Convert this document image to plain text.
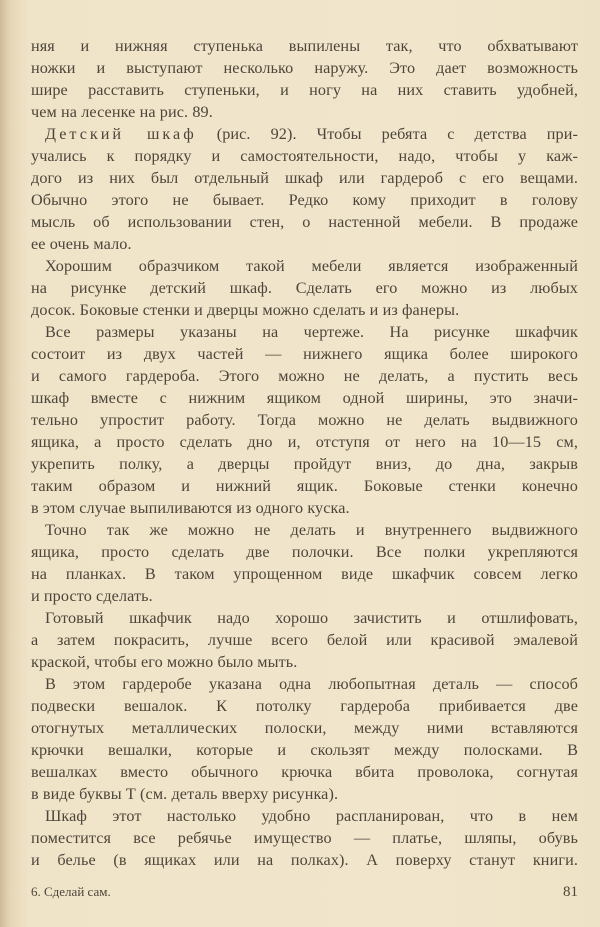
няя и нижняя ступенька выпилены так, что обхватывают
ножки и выступают несколько наружу. Это дает возможность
шире расставить ступеньки, и ногу на них ставить удобней,
чем на лесенке на рис. 89.
Детский шкаф (рис. 92). Чтобы ребята с детства при-
учались к порядку и самостоятельности, надо, чтобы у каж-
дого из них был отдельный шкаф или гардероб с его вещами.
Обычно этого не бывает. Редко кому приходит в голову
мысль об использовании стен, о настенной мебели. В продаже
ее очень мало.
Хорошим образчиком такой мебели является изображенный
на рисунке детский шкаф. Сделать его можно из любых
досок. Боковые стенки и дверцы можно сделать и из фанеры.
Все размеры указаны на чертеже. На рисунке шкафчик
состоит из двух частей — нижнего ящика более широкого
и самого гардероба. Этого можно не делать, а пустить весь
шкаф вместе с нижним ящиком одной ширины, это значи-
тельно упростит работу. Тогда можно не делать выдвижного
ящика, а просто сделать дно и, отступя от него на 10—15 см,
укрепить полку, а дверцы пройдут вниз, до дна, закрыв
таким образом и нижний ящик. Боковые стенки конечно
в этом случае выпиливаются из одного куска.
Точно так же можно не делать и внутреннего выдвижного
ящика, просто сделать две полочки. Все полки укрепляются
на планках. В таком упрощенном виде шкафчик совсем легко
и просто сделать.
Готовый шкафчик надо хорошо зачистить и отшлифовать,
а затем покрасить, лучше всего белой или красивой эмалевой
краской, чтобы его можно было мыть.
В этом гардеробе указана одна любопытная деталь — способ
подвески вешалок. К потолку гардероба прибивается две
отогнутых металлических полоски, между ними вставляются
крючки вешалки, которые и скользят между полосками. В
вешалках вместо обычного крючка вбита проволока, согнутая
в виде буквы Т (см. деталь вверху рисунка).
Шкаф этот настолько удобно распланирован, что в нем
поместится все ребячье имущество — платье, шляпы, обувь
и белье (в ящиках или на полках). А поверху станут книги.
6. Сделай сам.	81
